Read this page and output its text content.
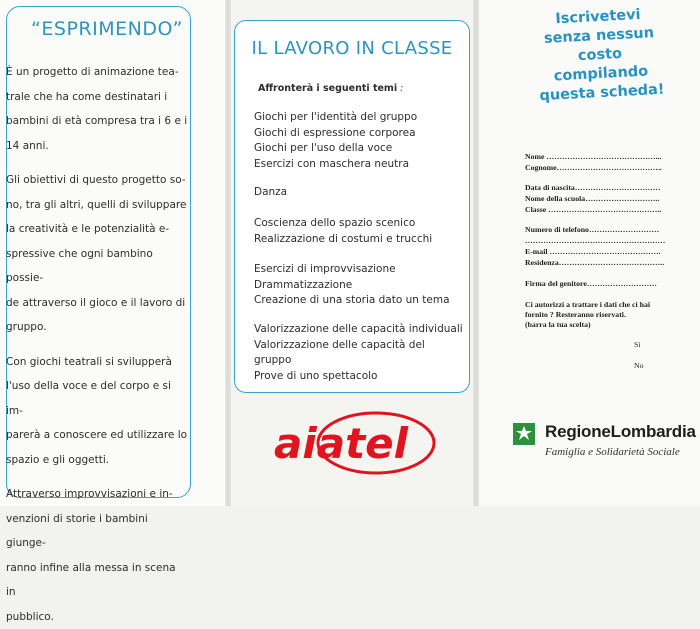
“ESPRIMENDO”
È un progetto di animazione tea-
trale che ha come destinatari i
bambini di età compresa tra i 6 e i
14 anni.
Gli obiettivi di questo progetto so-
no, tra gli altri, quelli di sviluppare
la creatività e le potenzialità e-
spressive che ogni bambino possie-
de attraverso il gioco e il lavoro di
gruppo.
Con giochi teatrali si svilupperà
l'uso della voce e del corpo e si im-
parerà a conoscere ed utilizzare lo
spazio e gli oggetti.
Attraverso improvvisazioni e in-
venzioni di storie i bambini giunge-
ranno infine alla messa in scena in
pubblico.
IL LAVORO IN CLASSE
Affronterà i seguenti temi :
Giochi per l'identità del gruppo
Giochi di espressione corporea
Giochi per l'uso della voce
Esercizi con maschera neutra
Danza
Coscienza dello spazio scenico
Realizzazione di costumi e trucchi
Esercizi di improvvisazione
Drammatizzazione
Creazione di una storia dato un tema
Valorizzazione delle capacità individuali
Valorizzazione delle capacità del gruppo
Prove di uno spettacolo
aiatel
Iscrivetevi
senza nessun
costo
compilando
questa scheda!
Nome ……………………………………...
Cognome…………………………………..
Data di nascita……………………………
Nome della scuola………………………..
Classe ……………………………………..
Numero di telefono………………………
………………………………………………
E-mail …………………………………….
Residenza…………………………………..
Firma del genitore………………………
Ci autorizzi a trattare i dati che ci hai
fornito ? Resteranno riservati.
(barra la tua scelta)
Si
No
RegioneLombardia
Famiglia e Solidarietà Sociale
